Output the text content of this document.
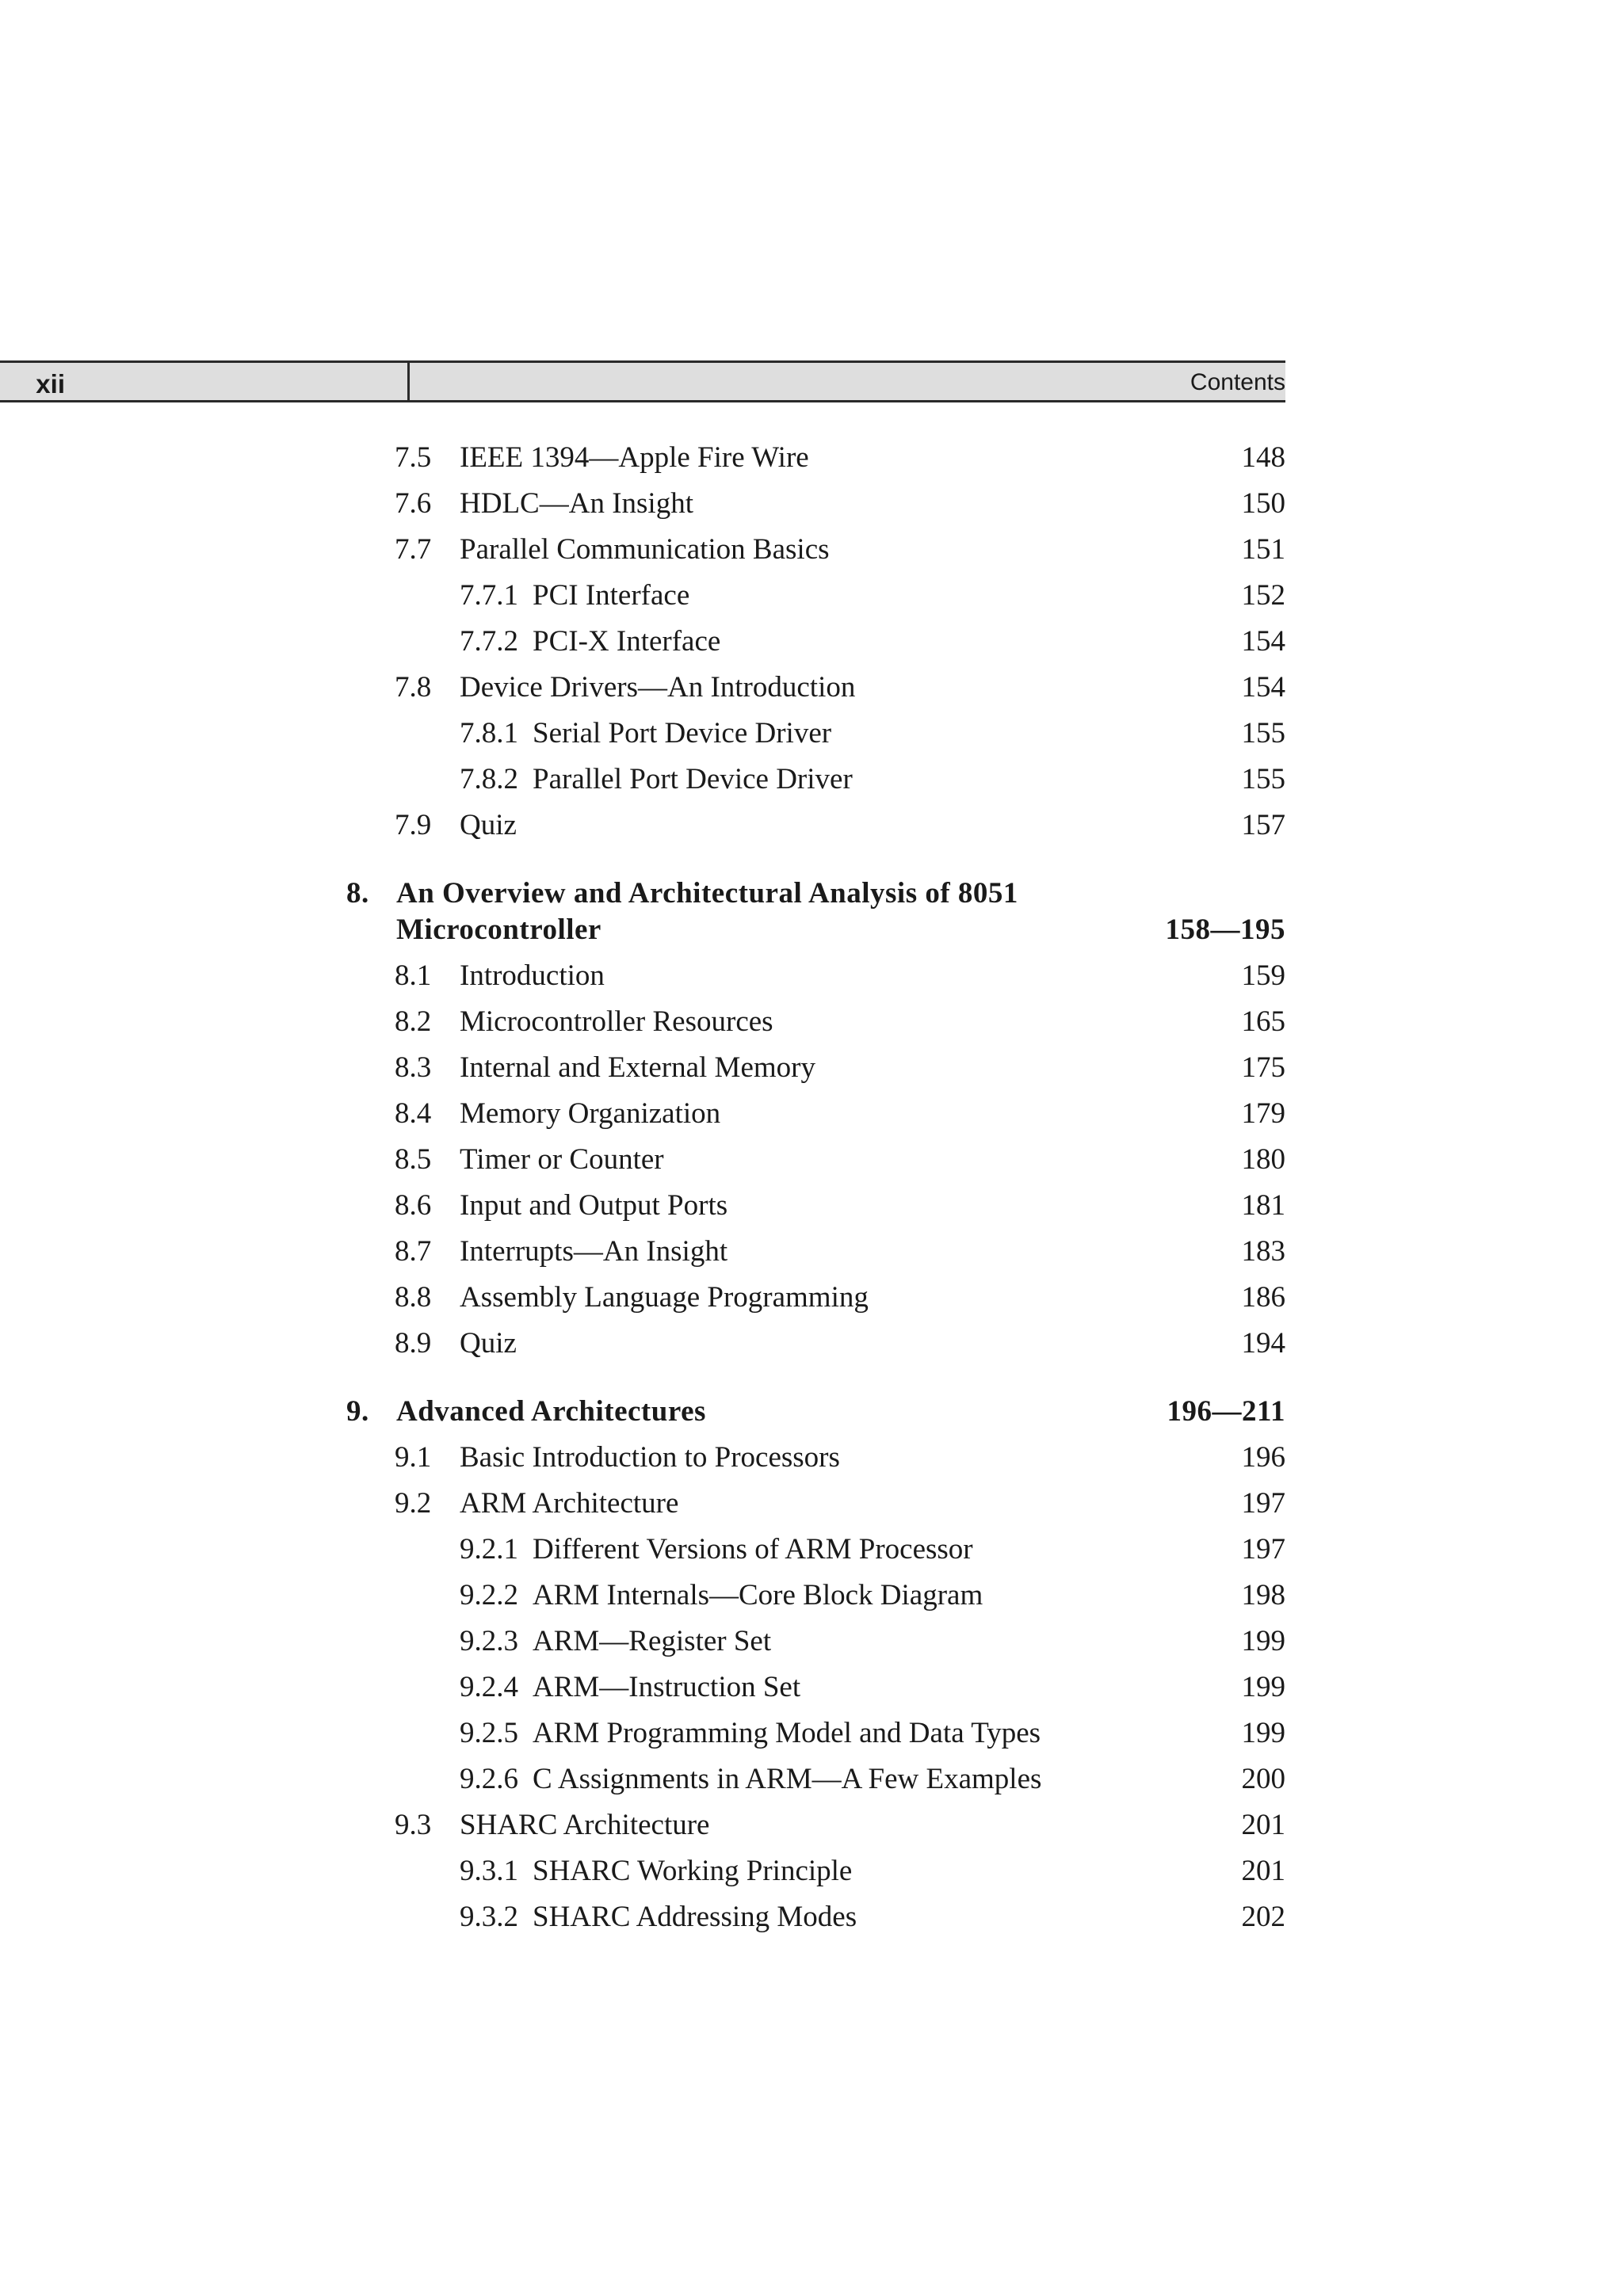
xii	Contents
7.5 IEEE 1394—Apple Fire Wire	148
7.6 HDLC—An Insight	150
7.7 Parallel Communication Basics	151
7.7.1 PCI Interface	152
7.7.2 PCI-X Interface	154
7.8 Device Drivers—An Introduction	154
7.8.1 Serial Port Device Driver	155
7.8.2 Parallel Port Device Driver	155
7.9 Quiz	157
8. An Overview and Architectural Analysis of 8051
Microcontroller	158—195
8.1 Introduction	159
8.2 Microcontroller Resources	165
8.3 Internal and External Memory	175
8.4 Memory Organization	179
8.5 Timer or Counter	180
8.6 Input and Output Ports	181
8.7 Interrupts—An Insight	183
8.8 Assembly Language Programming	186
8.9 Quiz	194
9. Advanced Architectures	196—211
9.1 Basic Introduction to Processors	196
9.2 ARM Architecture	197
9.2.1 Different Versions of ARM Processor	197
9.2.2 ARM Internals—Core Block Diagram	198
9.2.3 ARM—Register Set	199
9.2.4 ARM—Instruction Set	199
9.2.5 ARM Programming Model and Data Types	199
9.2.6 C Assignments in ARM—A Few Examples	200
9.3 SHARC Architecture	201
9.3.1 SHARC Working Principle	201
9.3.2 SHARC Addressing Modes	202
